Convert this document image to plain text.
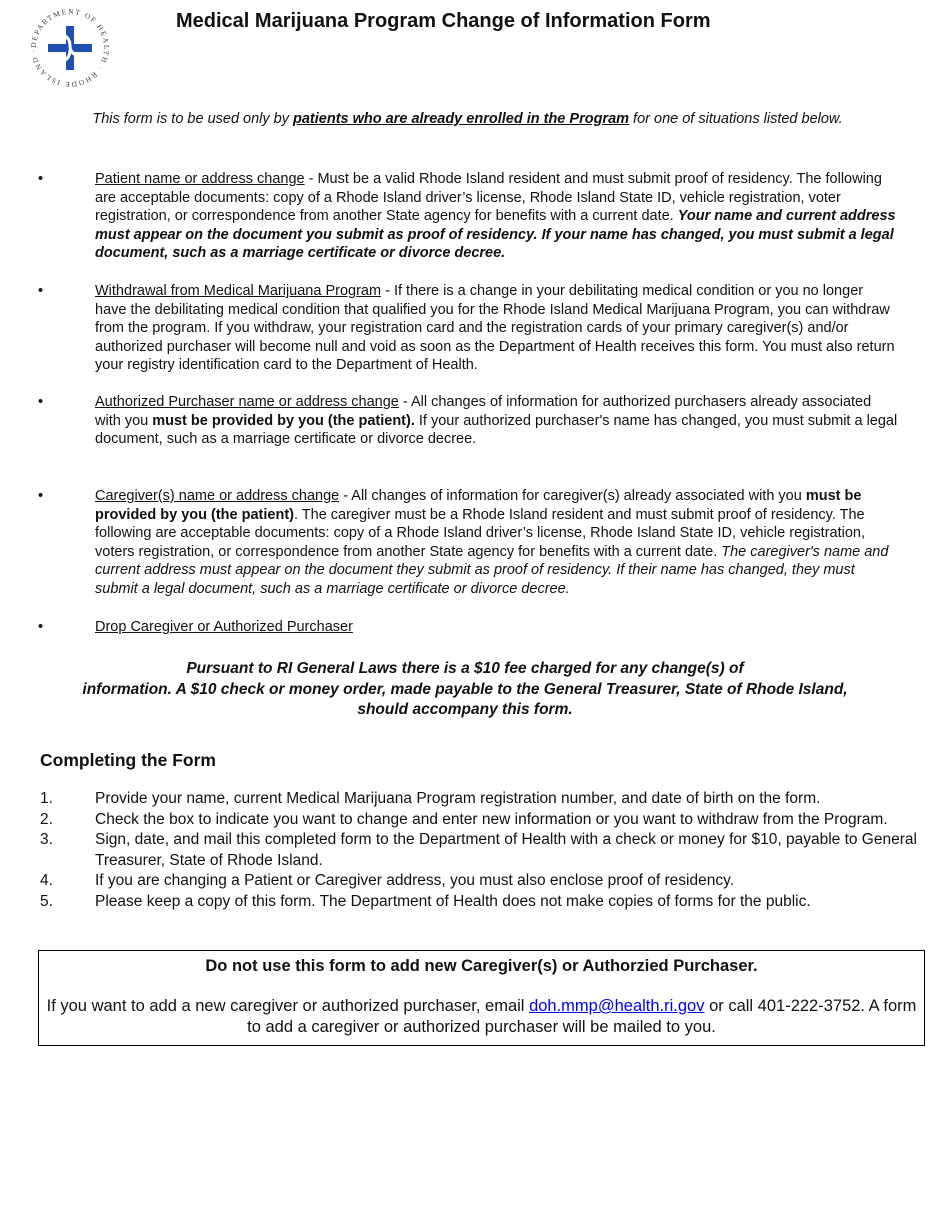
DEPARTMENT OF HEALTH · RHODE ISLAND ·
Medical Marijuana Program Change of Information Form
This form is to be used only by patients who are already enrolled in the Program for one of situations listed below.
•	Patient name or address change - Must be a valid Rhode Island resident and must submit proof of residency. The following are acceptable documents: copy of a Rhode Island driver’s license, Rhode Island State ID, vehicle registration, voter registration, or correspondence from another State agency for benefits with a current date. Your name and current address must appear on the document you submit as proof of residency. If your name has changed, you must submit a legal document, such as a marriage certificate or divorce decree.
•	Withdrawal from Medical Marijuana Program - If there is a change in your debilitating medical condition or you no longer have the debilitating medical condition that qualified you for the Rhode Island Medical Marijuana Program, you can withdraw from the program. If you withdraw, your registration card and the registration cards of your primary caregiver(s) and/or authorized purchaser will become null and void as soon as the Department of Health receives this form. You must also return your registry identification card to the Department of Health.
•	Authorized Purchaser name or address change - All changes of information for authorized purchasers already associated with you must be provided by you (the patient). If your authorized purchaser's name has changed, you must submit a legal document, such as a marriage certificate or divorce decree.
•	Caregiver(s) name or address change - All changes of information for caregiver(s) already associated with you must be provided by you (the patient). The caregiver must be a Rhode Island resident and must submit proof of residency. The following are acceptable documents: copy of a Rhode Island driver’s license, Rhode Island State ID, vehicle registration, voters registration, or correspondence from another State agency for benefits with a current date. The caregiver's name and current address must appear on the document they submit as proof of residency. If their name has changed, they must submit a legal document, such as a marriage certificate or divorce decree.
•	Drop Caregiver or Authorized Purchaser
Pursuant to RI General Laws there is a $10 fee charged for any change(s) of
information. A $10 check or money order, made payable to the General Treasurer, State of Rhode Island,
should accompany this form.
Completing the Form
1.	Provide your name, current Medical Marijuana Program registration number, and date of birth on the form.
2.	Check the box to indicate you want to change and enter new information or you want to withdraw from the Program.
3.	Sign, date, and mail this completed form to the Department of Health with a check or money for $10, payable to General Treasurer, State of Rhode Island.
4.	If you are changing a Patient or Caregiver address, you must also enclose proof of residency.
5.	Please keep a copy of this form. The Department of Health does not make copies of forms for the public.
Do not use this form to add new Caregiver(s) or Authorzied Purchaser.
If you want to add a new caregiver or authorized purchaser, email doh.mmp@health.ri.gov or call 401-222-3752. A form to add a caregiver or authorized purchaser will be mailed to you.
